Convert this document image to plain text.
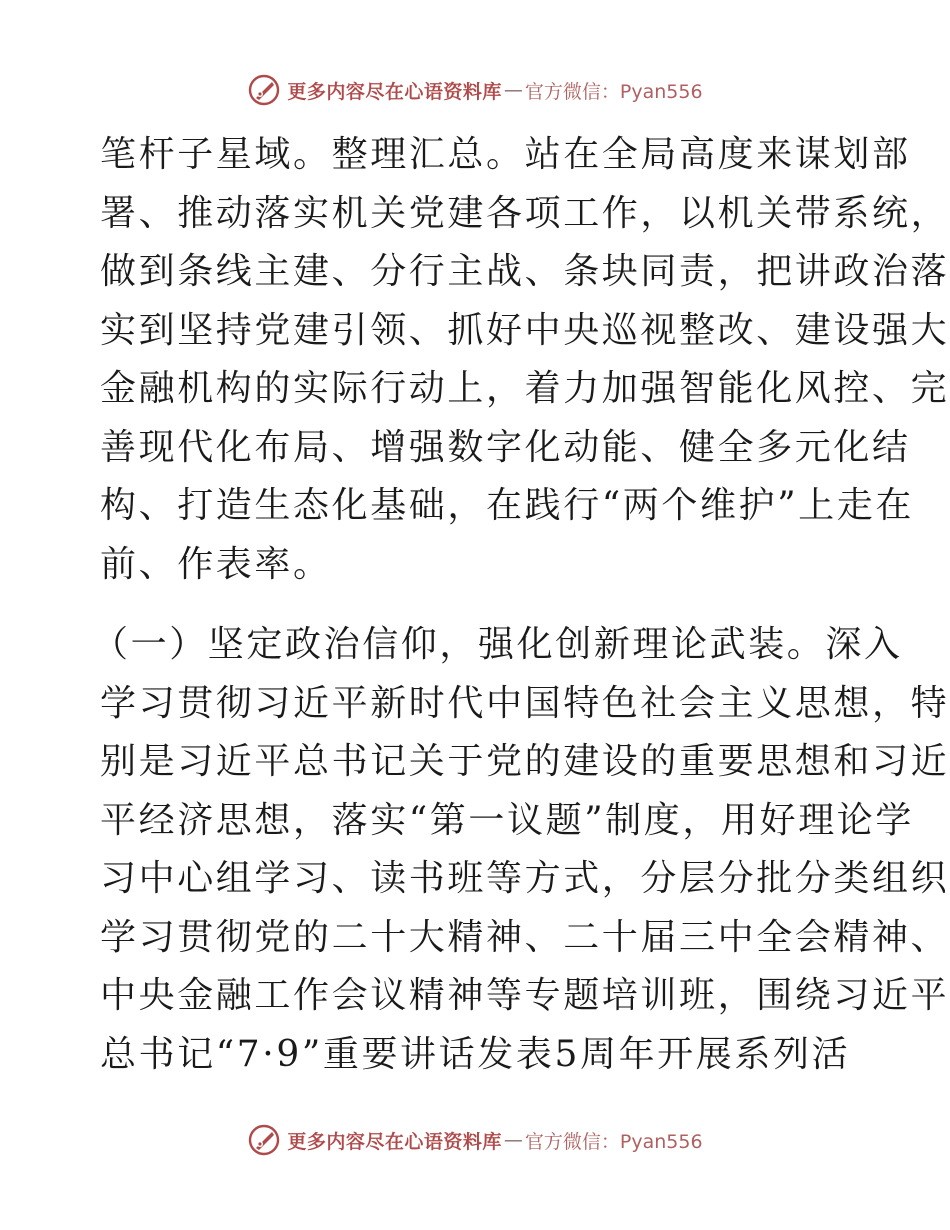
更多内容尽在心语资料库 — 官方微信：Pyan556
笔杆子星域。整理汇总。站在全局高度来谋划部
署、推动落实机关党建各项工作，以机关带系统，
做到条线主建、分行主战、条块同责，把讲政治落
实到坚持党建引领、抓好中央巡视整改、建设强大
金融机构的实际行动上，着力加强智能化风控、完
善现代化布局、增强数字化动能、健全多元化结
构、打造生态化基础，在践行“两个维护”上走在
前、作表率。
（一）坚定政治信仰，强化创新理论武装。深入
学习贯彻习近平新时代中国特色社会主义思想，特
别是习近平总书记关于党的建设的重要思想和习近
平经济思想，落实“第一议题”制度，用好理论学
习中心组学习、读书班等方式，分层分批分类组织
学习贯彻党的二十大精神、二十届三中全会精神、
中央金融工作会议精神等专题培训班，围绕习近平
总书记“7·9”重要讲话发表5周年开展系列活
更多内容尽在心语资料库 — 官方微信：Pyan556
